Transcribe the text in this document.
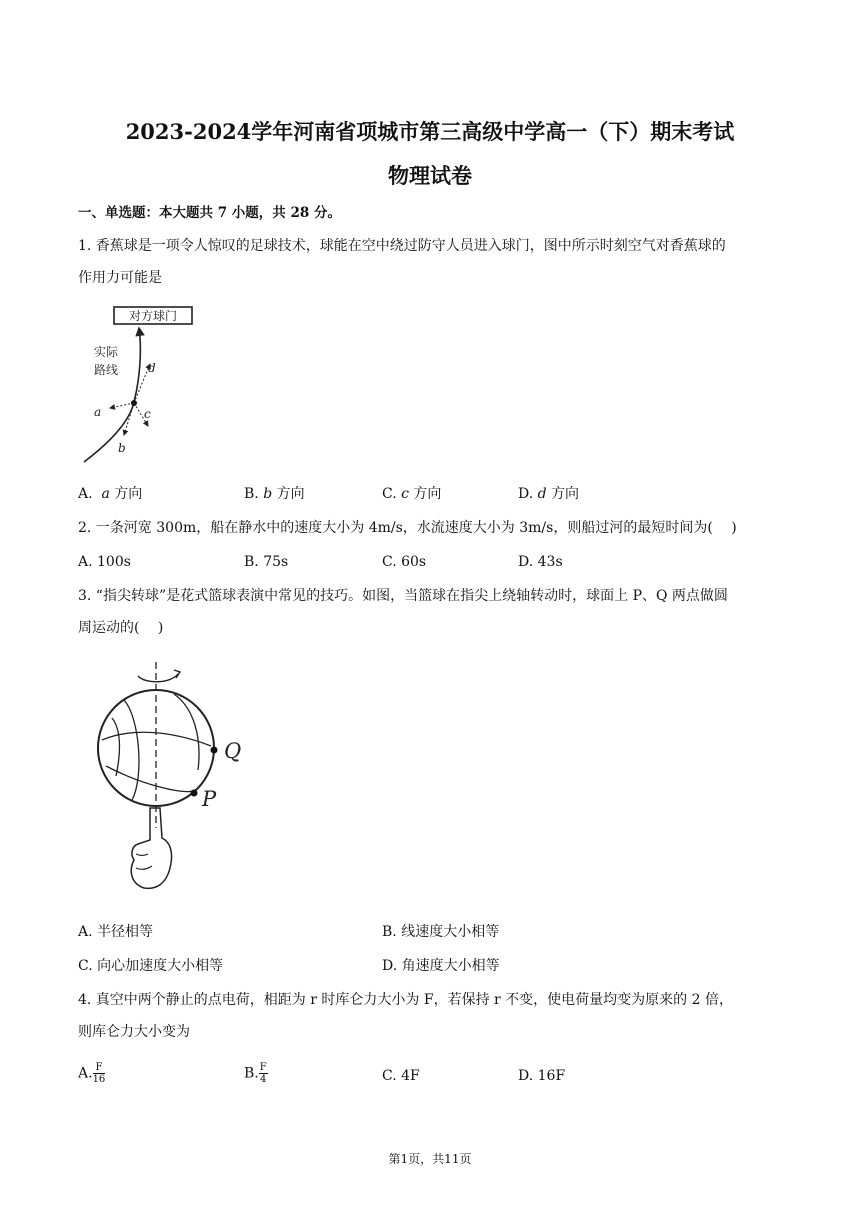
2023-2024学年河南省项城市第三高级中学高一（下）期末考试
物理试卷
一、单选题：本大题共 7 小题，共 28 分。
1. 香蕉球是一项令人惊叹的足球技术，球能在空中绕过防守人员进入球门，图中所示时刻空气对香蕉球的
作用力可能是
对方球门
实际
路线
a
b
c
d
A. a 方向	B. b 方向	C. c 方向	D. d 方向
2. 一条河宽 300m，船在静水中的速度大小为 4m/s，水流速度大小为 3m/s，则船过河的最短时间为(　 )
A. 100s	B. 75s	C. 60s	D. 43s
3. “指尖转球”是花式篮球表演中常见的技巧。如图，当篮球在指尖上绕轴转动时，球面上 P、Q 两点做圆
周运动的(　 )
Q
P
A. 半径相等	B. 线速度大小相等
C. 向心加速度大小相等	D. 角速度大小相等
4. 真空中两个静止的点电荷，相距为 r 时库仑力大小为 F，若保持 r 不变，使电荷量均变为原来的 2 倍，
则库仑力大小变为
A. $\frac{F}{16}$	B. $\frac{F}{4}$	C. 4F	D. 16F
第1页，共11页
